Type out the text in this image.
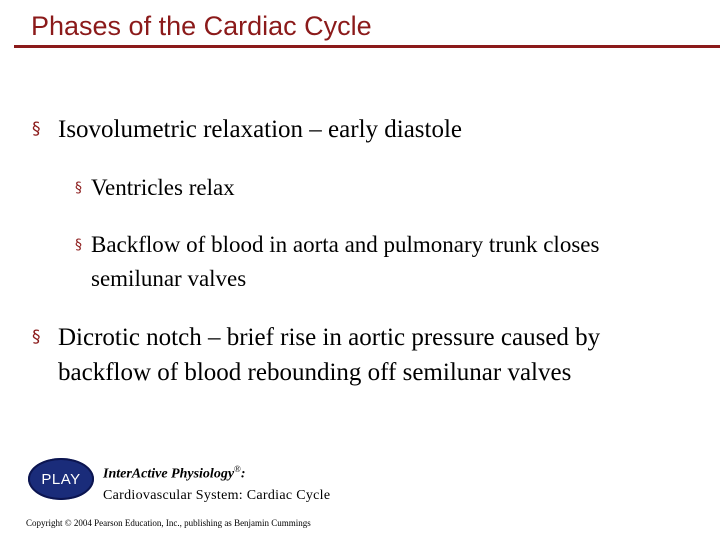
Phases of the Cardiac Cycle
§ Isovolumetric relaxation – early diastole
§ Ventricles relax
§ Backflow of blood in aorta and pulmonary trunk closes semilunar valves
§ Dicrotic notch – brief rise in aortic pressure caused by backflow of blood rebounding off semilunar valves
PLAY InterActive Physiology®:
Cardiovascular System: Cardiac Cycle
Copyright © 2004 Pearson Education, Inc., publishing as Benjamin Cummings
